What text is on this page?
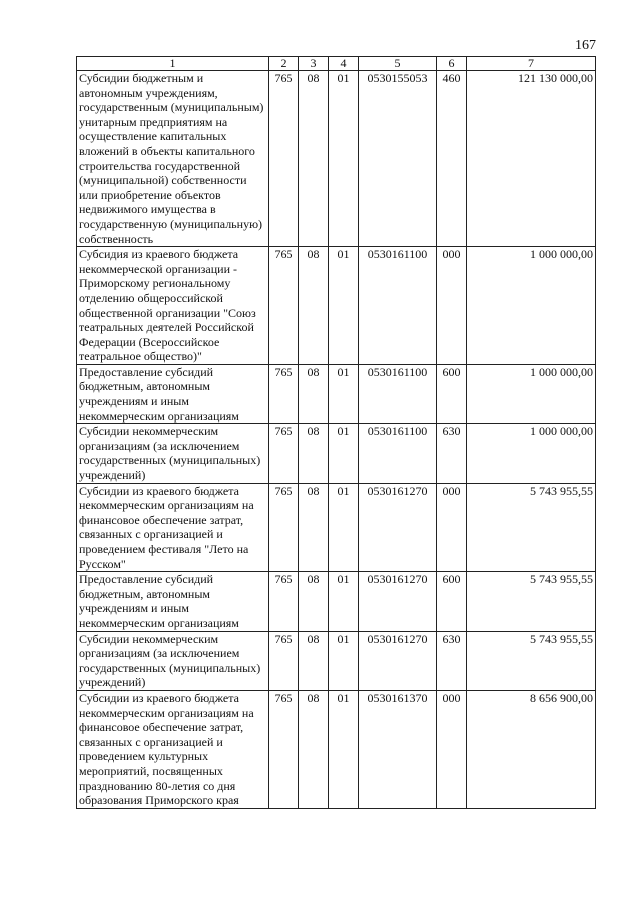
167
1	2	3	4	5	6	7
Субсидии бюджетным и автономным учреждениям, государственным (муниципальным) унитарным предприятиям на осуществление капитальных вложений в объекты капитального строительства государственной (муниципальной) собственности или приобретение объектов недвижимого имущества в государственную (муниципальную) собственность	765	08	01	0530155053	460	121 130 000,00
Субсидия из краевого бюджета некоммерческой организации - Приморскому региональному отделению общероссийской общественной организации "Союз театральных деятелей Российской Федерации (Всероссийское театральное общество)"	765	08	01	0530161100	000	1 000 000,00
Предоставление субсидий бюджетным, автономным учреждениям и иным некоммерческим организациям	765	08	01	0530161100	600	1 000 000,00
Субсидии некоммерческим организациям (за исключением государственных (муниципальных) учреждений)	765	08	01	0530161100	630	1 000 000,00
Субсидии из краевого бюджета некоммерческим организациям на финансовое обеспечение затрат, связанных с организацией и проведением фестиваля "Лето на Русском"	765	08	01	0530161270	000	5 743 955,55
Предоставление субсидий бюджетным, автономным учреждениям и иным некоммерческим организациям	765	08	01	0530161270	600	5 743 955,55
Субсидии некоммерческим организациям (за исключением государственных (муниципальных) учреждений)	765	08	01	0530161270	630	5 743 955,55
Субсидии из краевого бюджета некоммерческим организациям на финансовое обеспечение затрат, связанных с организацией и проведением культурных мероприятий, посвященных празднованию 80-летия со дня образования Приморского края	765	08	01	0530161370	000	8 656 900,00
